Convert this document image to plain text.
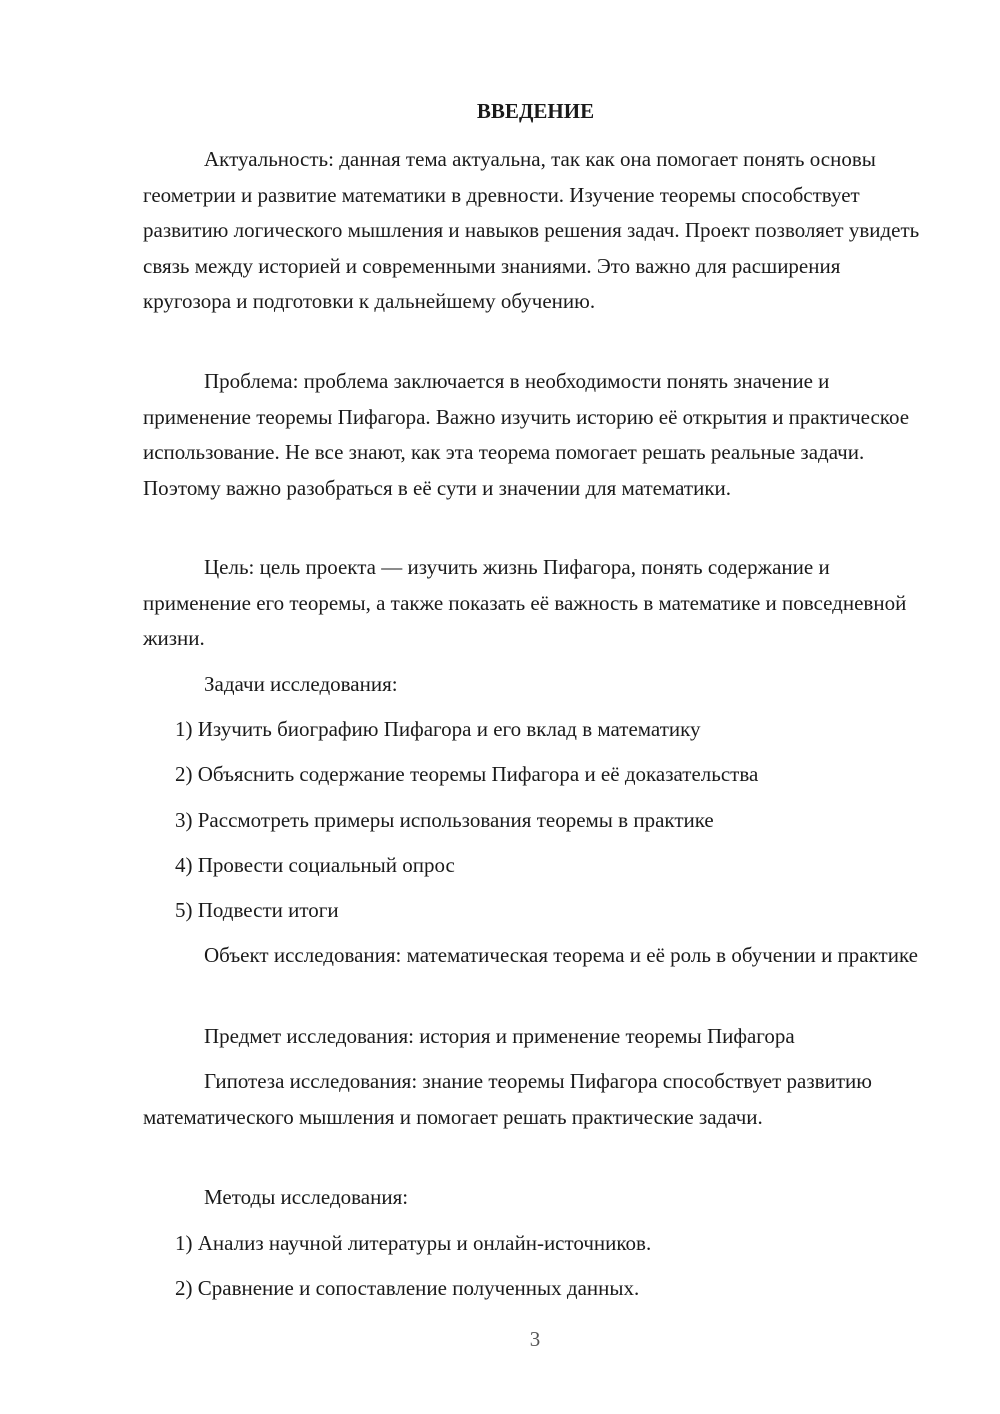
ВВЕДЕНИЕ

Актуальность: данная тема актуальна, так как она помогает понять основы геометрии и развитие математики в древности. Изучение теоремы способствует развитию логического мышления и навыков решения задач. Проект позволяет увидеть связь между историей и современными знаниями. Это важно для расширения кругозора и подготовки к дальнейшему обучению.

Проблема: проблема заключается в необходимости понять значение и применение теоремы Пифагора. Важно изучить историю её открытия и практическое использование. Не все знают, как эта теорема помогает решать реальные задачи. Поэтому важно разобраться в её сути и значении для математики.

Цель: цель проекта — изучить жизнь Пифагора, понять содержание и применение его теоремы, а также показать её важность в математике и повседневной жизни.

Задачи исследования:

1) Изучить биографию Пифагора и его вклад в математику

2) Объяснить содержание теоремы Пифагора и её доказательства

3) Рассмотреть примеры использования теоремы в практике

4) Провести социальный опрос

5) Подвести итоги

Объект исследования: математическая теорема и её роль в обучении и практике

Предмет исследования: история и применение теоремы Пифагора

Гипотеза исследования: знание теоремы Пифагора способствует развитию математического мышления и помогает решать практические задачи.

Методы исследования:

1) Анализ научной литературы и онлайн-источников.

2) Сравнение и сопоставление полученных данных.

3
